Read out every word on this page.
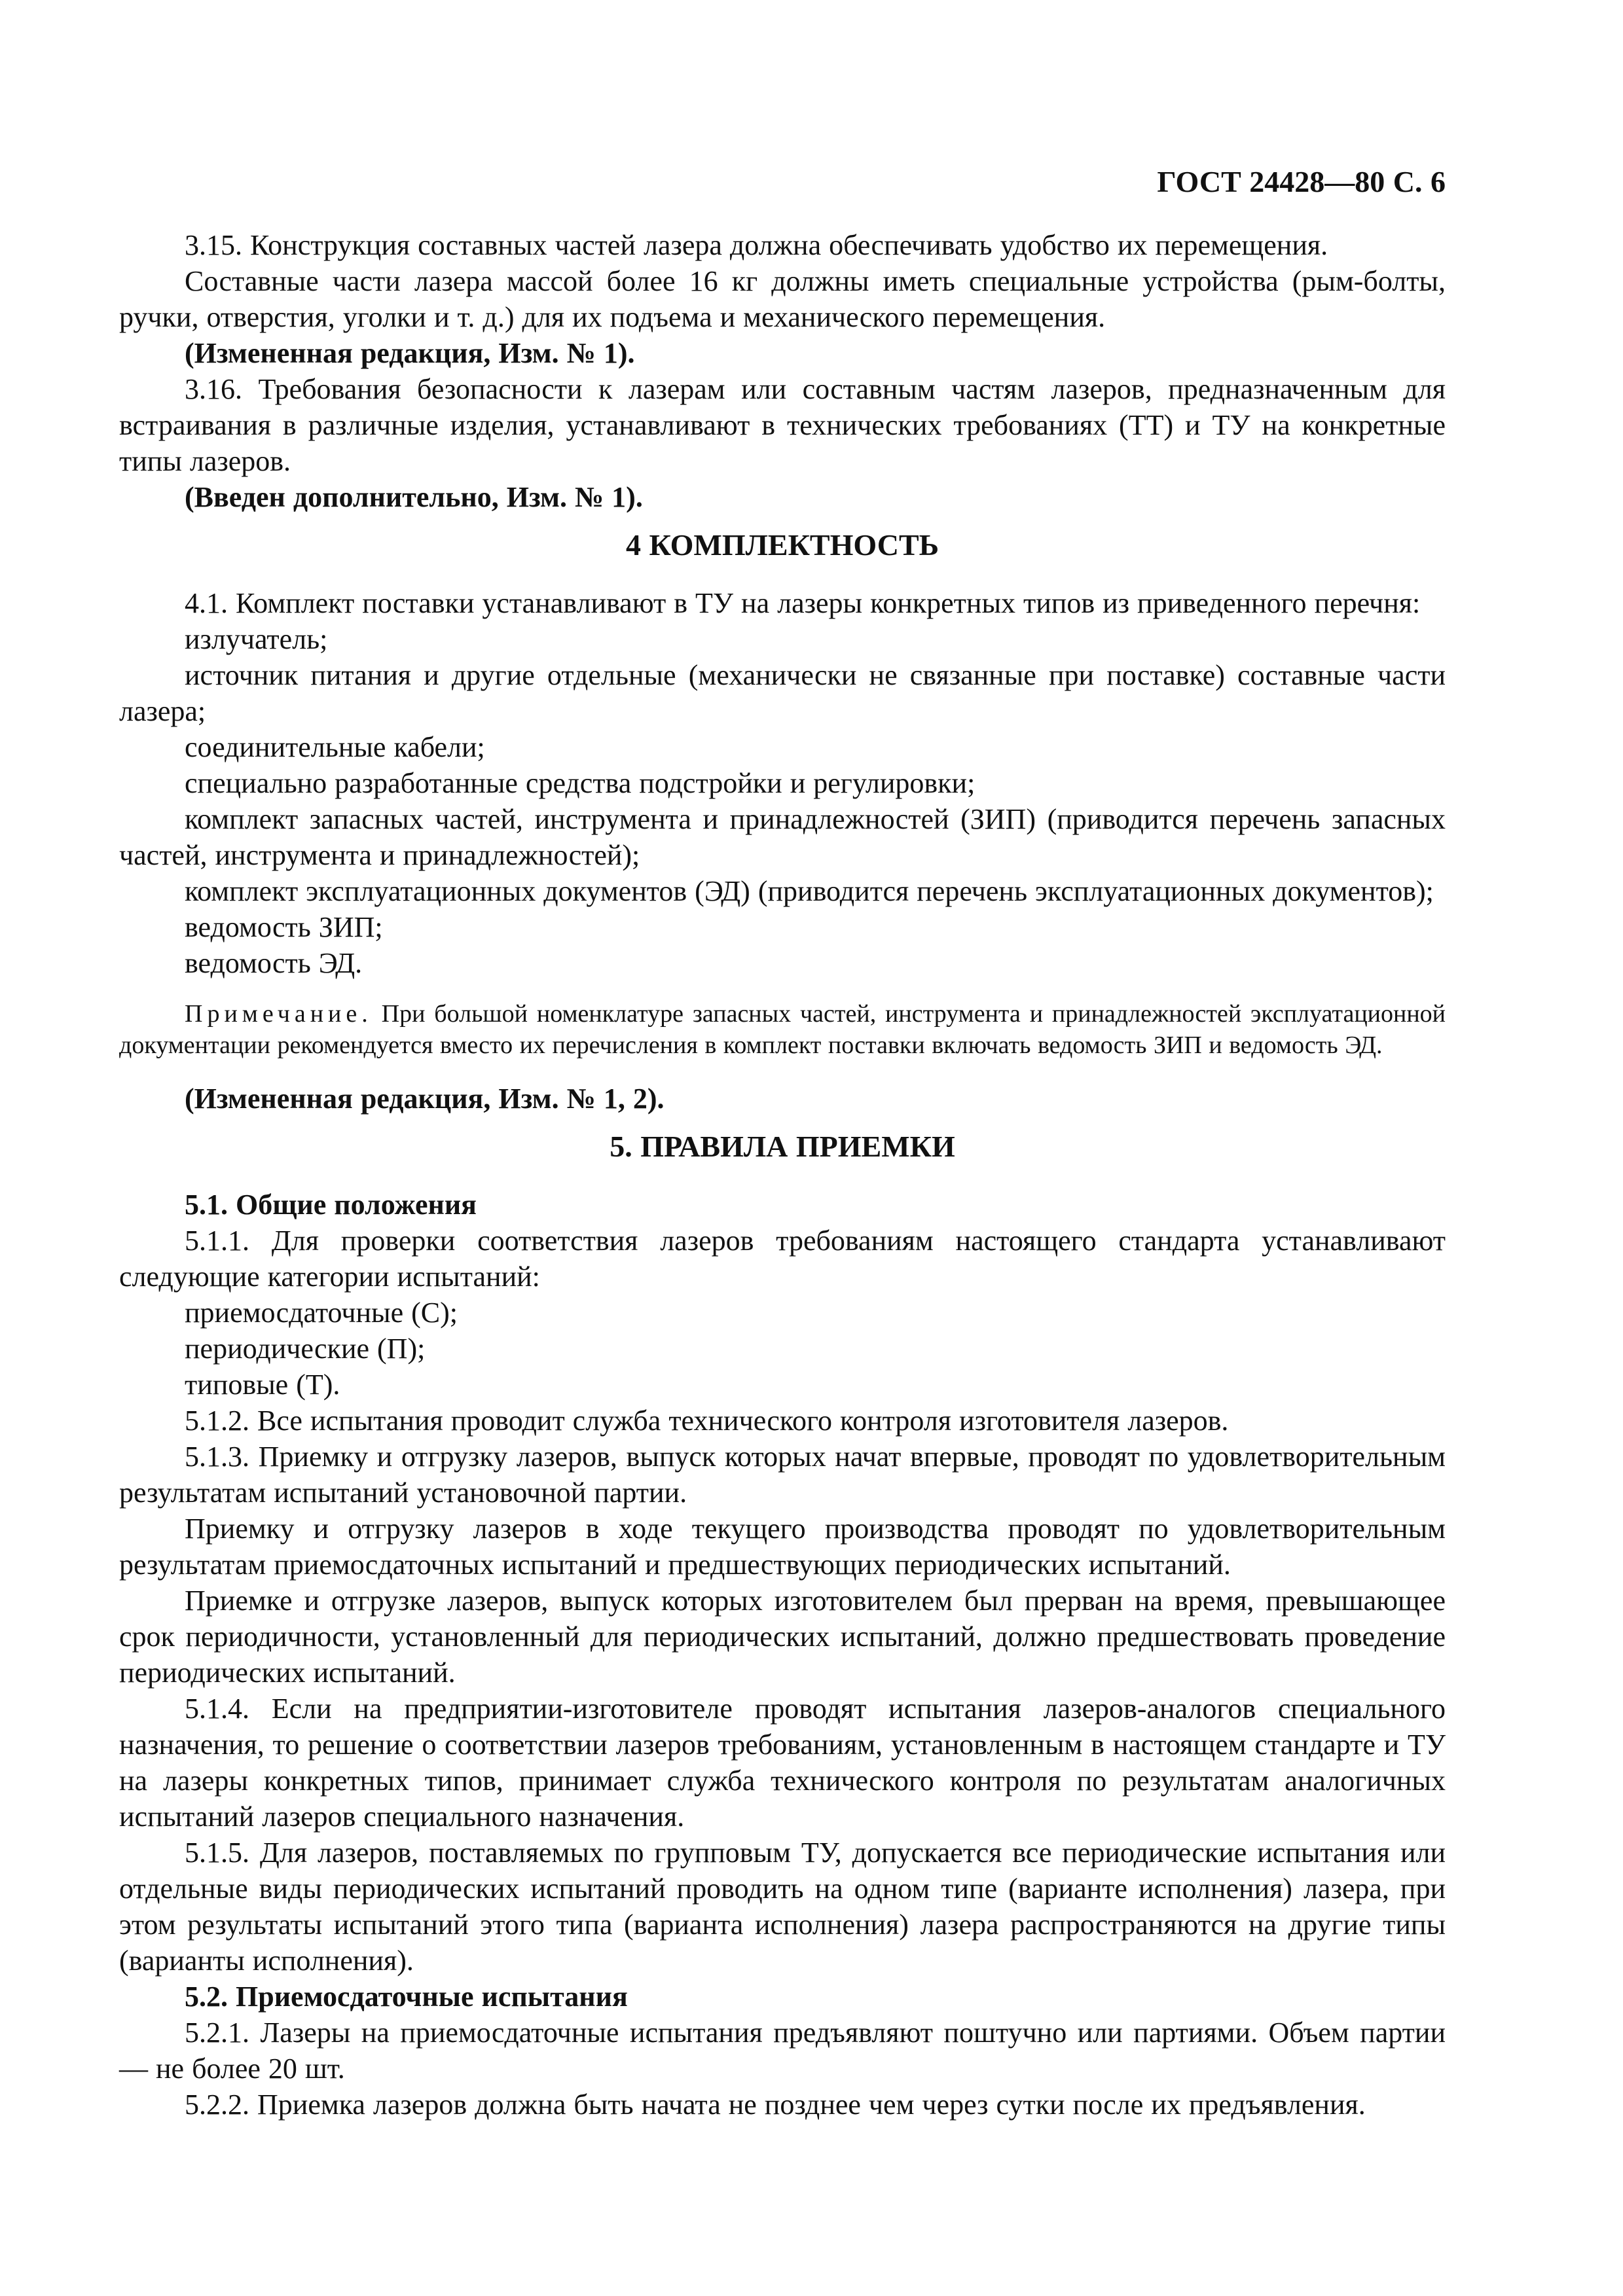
ГОСТ 24428—80 С. 6

3.15. Конструкция составных частей лазера должна обеспечивать удобство их перемещения.

Составные части лазера массой более 16 кг должны иметь специальные устройства (рым-болты, ручки, отверстия, уголки и т. д.) для их подъема и механического перемещения.

(Измененная редакция, Изм. № 1).

3.16. Требования безопасности к лазерам или составным частям лазеров, предназначенным для встраивания в различные изделия, устанавливают в технических требованиях (ТТ) и ТУ на конкретные типы лазеров.

(Введен дополнительно, Изм. № 1).

4 КОМПЛЕКТНОСТЬ

4.1. Комплект поставки устанавливают в ТУ на лазеры конкретных типов из приведенного перечня:

излучатель;

источник питания и другие отдельные (механически не связанные при поставке) составные части лазера;

соединительные кабели;

специально разработанные средства подстройки и регулировки;

комплект запасных частей, инструмента и принадлежностей (ЗИП) (приводится перечень запасных частей, инструмента и принадлежностей);

комплект эксплуатационных документов (ЭД) (приводится перечень эксплуатационных документов);

ведомость ЗИП;

ведомость ЭД.

Примечание. При большой номенклатуре запасных частей, инструмента и принадлежностей эксплуатационной документации рекомендуется вместо их перечисления в комплект поставки включать ведомость ЗИП и ведомость ЭД.

(Измененная редакция, Изм. № 1, 2).

5. ПРАВИЛА ПРИЕМКИ

5.1. Общие положения

5.1.1. Для проверки соответствия лазеров требованиям настоящего стандарта устанавливают следующие категории испытаний:

приемосдаточные (С);

периодические (П);

типовые (Т).

5.1.2. Все испытания проводит служба технического контроля изготовителя лазеров.

5.1.3. Приемку и отгрузку лазеров, выпуск которых начат впервые, проводят по удовлетворительным результатам испытаний установочной партии.

Приемку и отгрузку лазеров в ходе текущего производства проводят по удовлетворительным результатам приемосдаточных испытаний и предшествующих периодических испытаний.

Приемке и отгрузке лазеров, выпуск которых изготовителем был прерван на время, превышающее срок периодичности, установленный для периодических испытаний, должно предшествовать проведение периодических испытаний.

5.1.4. Если на предприятии-изготовителе проводят испытания лазеров-аналогов специального назначения, то решение о соответствии лазеров требованиям, установленным в настоящем стандарте и ТУ на лазеры конкретных типов, принимает служба технического контроля по результатам аналогичных испытаний лазеров специального назначения.

5.1.5. Для лазеров, поставляемых по групповым ТУ, допускается все периодические испытания или отдельные виды периодических испытаний проводить на одном типе (варианте исполнения) лазера, при этом результаты испытаний этого типа (варианта исполнения) лазера распространяются на другие типы (варианты исполнения).

5.2. Приемосдаточные испытания

5.2.1. Лазеры на приемосдаточные испытания предъявляют поштучно или партиями. Объем партии — не более 20 шт.

5.2.2. Приемка лазеров должна быть начата не позднее чем через сутки после их предъявления.
